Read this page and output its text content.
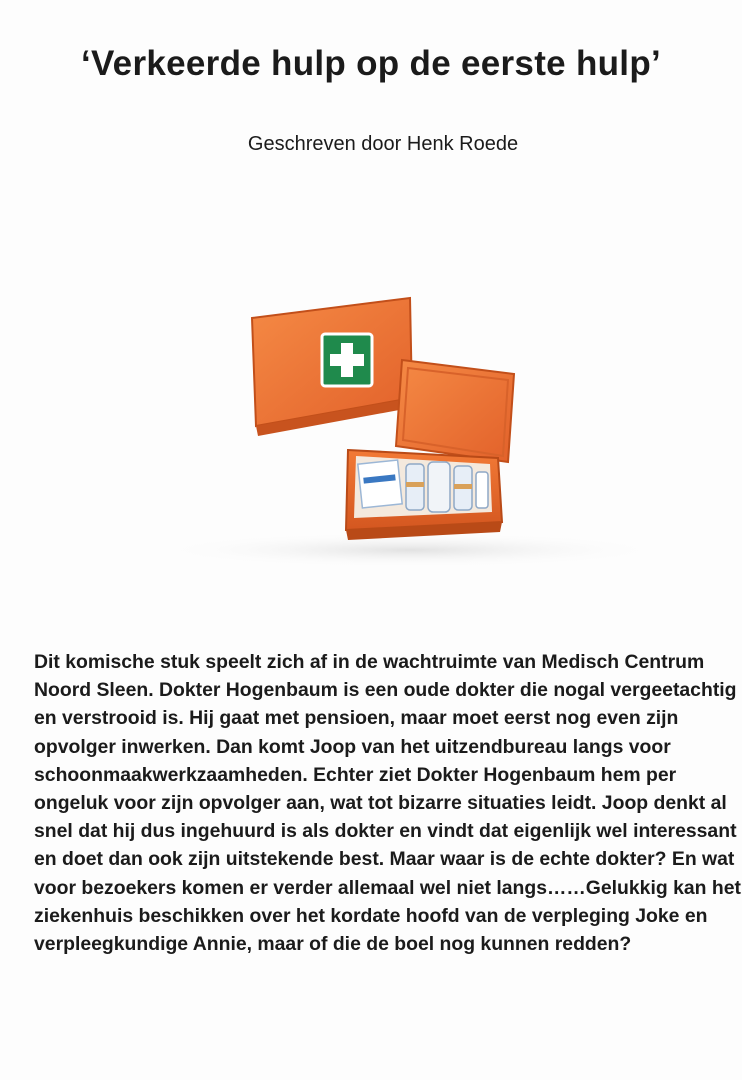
‘Verkeerde hulp op de eerste hulp’

Geschreven door Henk Roede

Dit komische stuk speelt zich af in de wachtruimte van Medisch Centrum Noord Sleen. Dokter Hogenbaum is een oude dokter die nogal vergeetachtig en verstrooid is. Hij gaat met pensioen, maar moet eerst nog even zijn opvolger inwerken. Dan komt Joop van het uitzendbureau langs voor schoonmaakwerkzaamheden. Echter ziet Dokter Hogenbaum hem per ongeluk voor zijn opvolger aan, wat tot bizarre situaties leidt. Joop denkt al snel dat hij dus ingehuurd is als dokter en vindt dat eigenlijk wel interessant en doet dan ook zijn uitstekende best. Maar waar is de echte dokter? En wat voor bezoekers komen er verder allemaal wel niet langs……Gelukkig kan het ziekenhuis beschikken over het kordate hoofd van de verpleging Joke en verpleegkundige Annie, maar of die de boel nog kunnen redden?
